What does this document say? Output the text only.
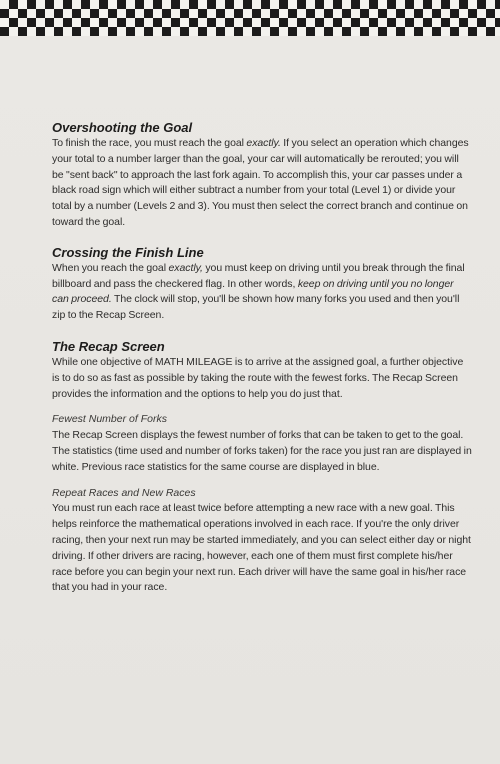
Overshooting the Goal

To finish the race, you must reach the goal exactly. If you select an operation which changes your total to a number larger than the goal, your car will automatically be rerouted; you will be "sent back" to approach the last fork again. To accomplish this, your car passes under a black road sign which will either subtract a number from your total (Level 1) or divide your total by a number (Levels 2 and 3). You must then select the correct branch and continue on toward the goal.

Crossing the Finish Line

When you reach the goal exactly, you must keep on driving until you break through the final billboard and pass the checkered flag. In other words, keep on driving until you no longer can proceed. The clock will stop, you'll be shown how many forks you used and then you'll zip to the Recap Screen.

The Recap Screen

While one objective of MATH MILEAGE is to arrive at the assigned goal, a further objective is to do so as fast as possible by taking the route with the fewest forks. The Recap Screen provides the information and the options to help you do just that.

Fewest Number of Forks

The Recap Screen displays the fewest number of forks that can be taken to get to the goal. The statistics (time used and number of forks taken) for the race you just ran are displayed in white. Previous race statistics for the same course are displayed in blue.

Repeat Races and New Races

You must run each race at least twice before attempting a new race with a new goal. This helps reinforce the mathematical operations involved in each race. If you're the only driver racing, then your next run may be started immediately, and you can select either day or night driving. If other drivers are racing, however, each one of them must first complete his/her race before you can begin your next run. Each driver will have the same goal in his/her race that you had in your race.
